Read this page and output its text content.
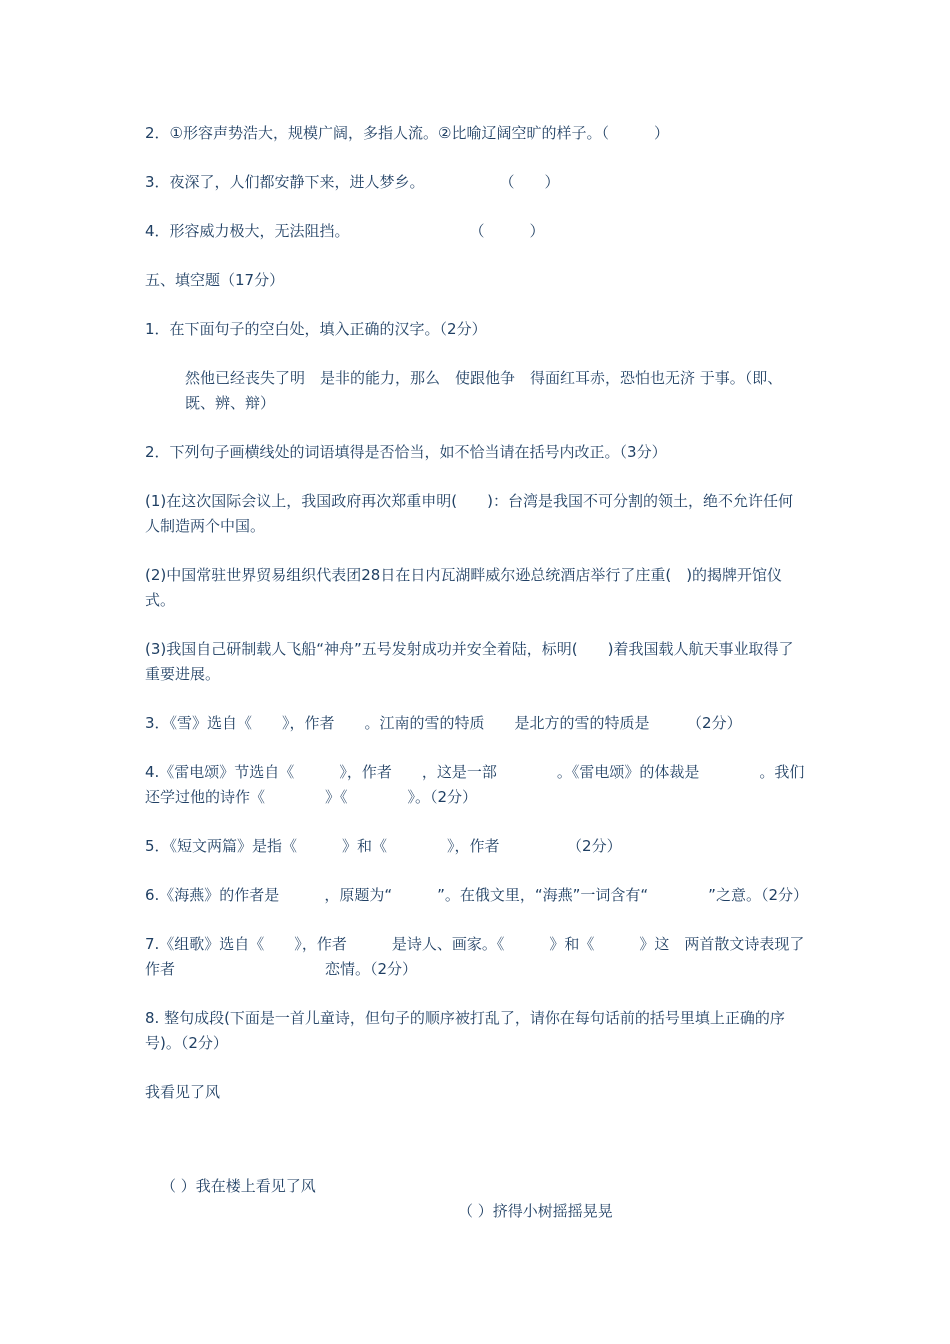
2．①形容声势浩大，规模广阔，多指人流。②比喻辽阔空旷的样子。（　　　）
3．夜深了，人们都安静下来，进人梦乡。　　　　　　（　　）
4．形容威力极大，无法阻挡。　　　　　　　　　（　　　）
五、填空题（17分）
1．在下面句子的空白处，填入正确的汉字。（2分）
然他已经丧失了明　是非的能力，那么　使跟他争　得面红耳赤，恐怕也无济 于事。（即、既、辨、辩）
2．下列句子画横线处的词语填得是否恰当，如不恰当请在括号内改正。（3分）
(1)在这次国际会议上，我国政府再次郑重申明(　　)：台湾是我国不可分割的领土，绝不允许任何人制造两个中国。
(2)中国常驻世界贸易组织代表团28日在日内瓦湖畔威尔逊总统酒店举行了庄重(　)的揭牌开馆仪式。
(3)我国自己研制载人飞船“神舟”五号发射成功并安全着陆，标明(　　)着我国载人航天事业取得了重要进展。
3．《雪》选自《　　》，作者　　。江南的雪的特质　　是北方的雪的特质是　　　（2分）
4.《雷电颂》节选自《　　　》，作者　　，这是一部　　　　。《雷电颂》的体裁是　　　　。我们还学过他的诗作《　　　　》《　　　　》。（2分）
5．《短文两篇》是指《　　　》和《　　　　》，作者　　　　　（2分）
6.《海燕》的作者是　　　，原题为“　　　”。在俄文里，“海燕”一词含有“　　　　”之意。（2分）
7.《组歌》选自《　　》，作者　　　是诗人、画家。《　　　》和《　　　》这　两首散文诗表现了作者　　　　　　　　　　恋情。（2分）
8. 整句成段(下面是一首儿童诗，但句子的顺序被打乱了，请你在每句话前的括号里填上正确的序号)。（2分）
我看见了风

（ ）我在楼上看见了风

（ ）挤得小树摇摇晃晃
